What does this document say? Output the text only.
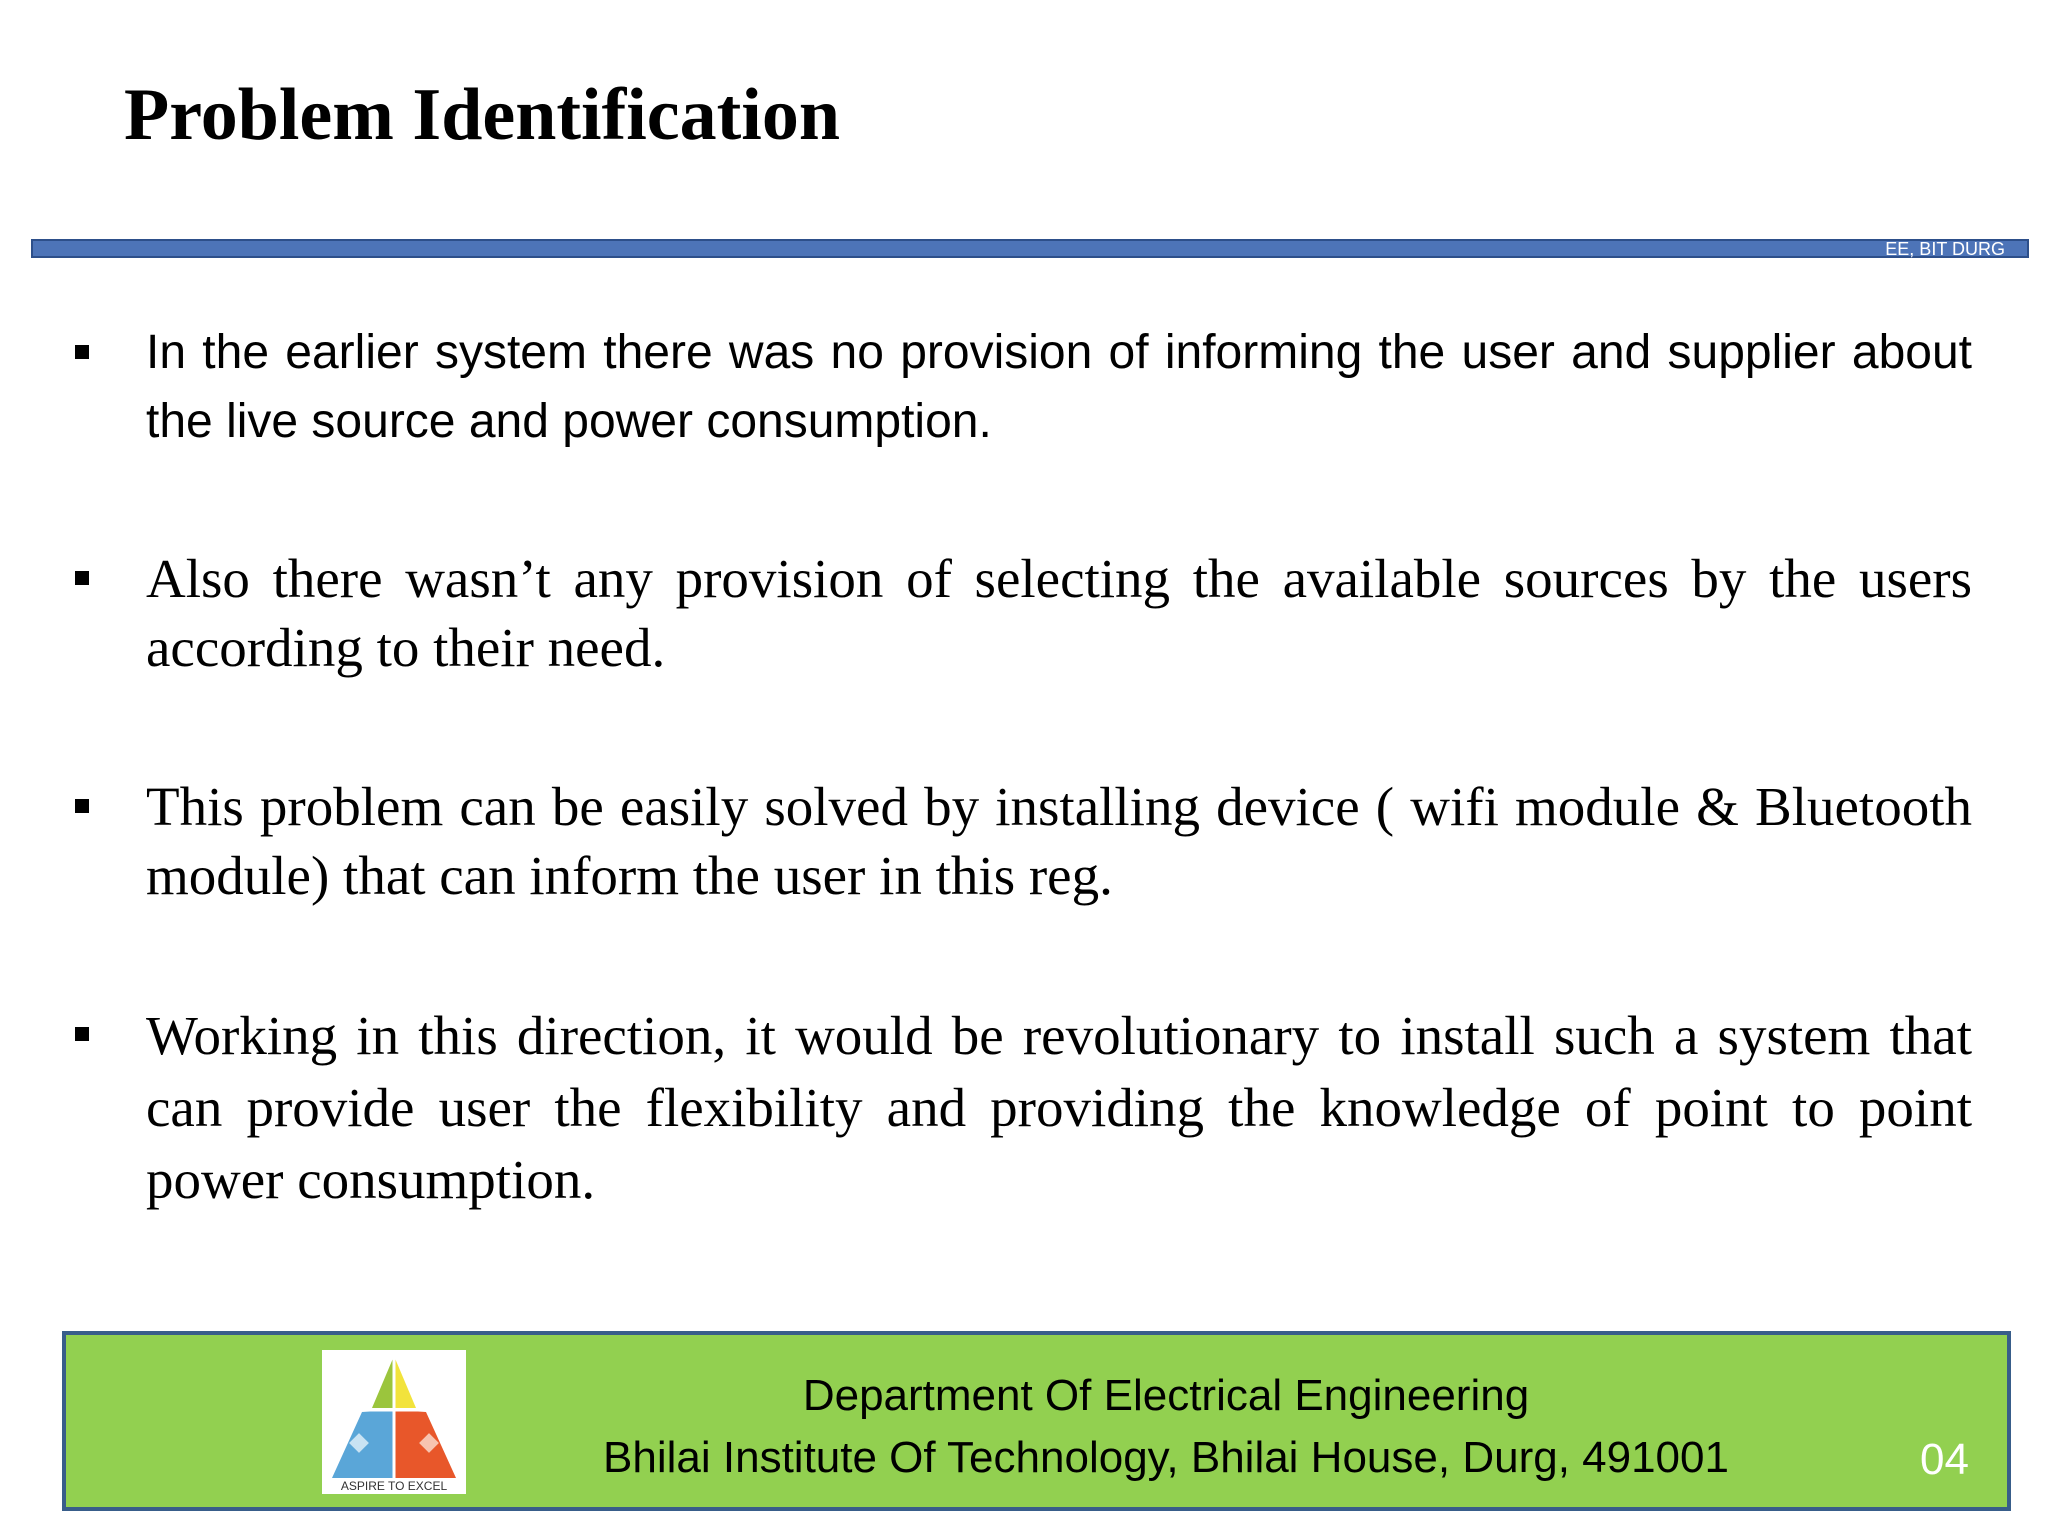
Problem Identification
EE, BIT DURG
In the earlier system there was no provision of informing the user and supplier about the live source and power consumption.
Also there wasn’t any provision of selecting the available sources by the users according to their need.
This problem can be easily solved by installing device ( wifi module & Bluetooth module) that can inform the user in this reg.
Working in this direction, it would be revolutionary to install such a system that can provide user the flexibility and providing the knowledge of point to point power consumption.
ASPIRE TO EXCEL
Department Of Electrical Engineering
Bhilai Institute Of Technology, Bhilai House, Durg, 491001	04
